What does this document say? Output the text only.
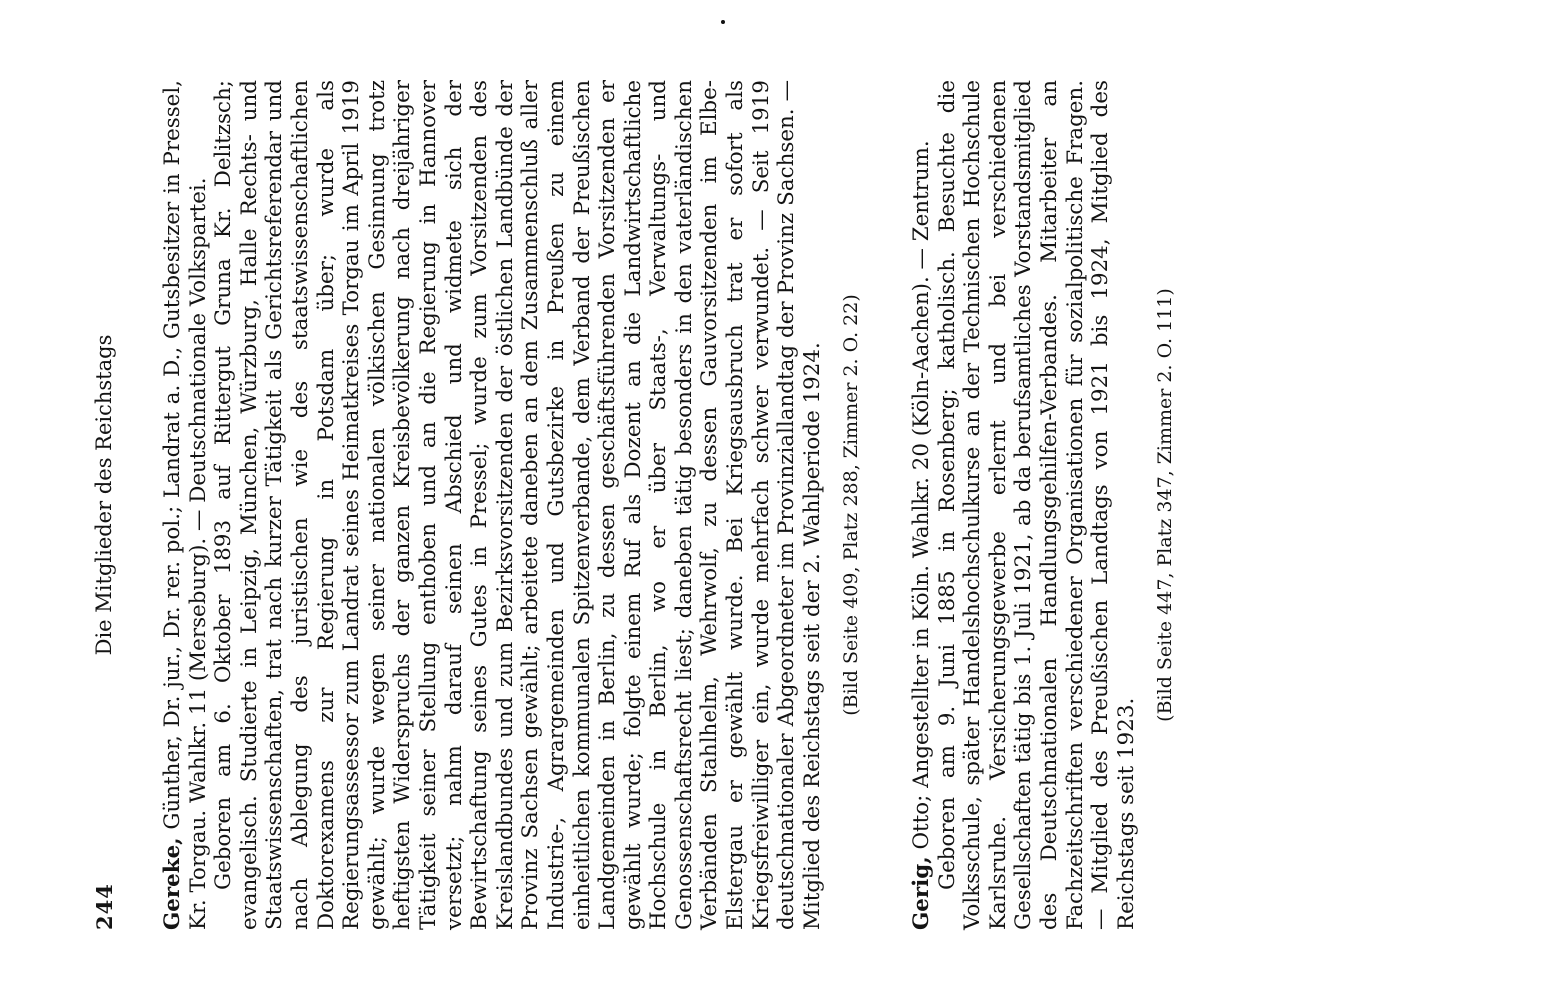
244
Die Mitglieder des Reichstags

Gereke, Günther, Dr. jur., Dr. rer. pol.; Landrat a. D., Gutsbesitzer in Pressel, Kr. Torgau. Wahlkr. 11 (Merseburg). — Deutschnationale Volkspartei. Geboren am 6. Oktober 1893 auf Rittergut Gruna Kr. Delitzsch; evangelisch. Studierte in Leipzig, München, Würzburg, Halle Rechts- und Staatswissenschaften, trat nach kurzer Tätigkeit als Gerichtsreferendar und nach Ablegung des juristischen wie des staatswissenschaftlichen Doktorexamens zur Regierung in Potsdam über; wurde als Regierungsassessor zum Landrat seines Heimatkreises Torgau im April 1919 gewählt; wurde wegen seiner nationalen völkischen Gesinnung trotz heftigsten Widerspruchs der ganzen Kreisbevölkerung nach dreijähriger Tätigkeit seiner Stellung enthoben und an die Regierung in Hannover versetzt; nahm darauf seinen Abschied und widmete sich der Bewirtschaftung seines Gutes in Pressel; wurde zum Vorsitzenden des Kreislandbundes und zum Bezirksvorsitzenden der östlichen Landbünde der Provinz Sachsen gewählt; arbeitete daneben an dem Zusammenschluß aller Industrie-, Agrargemeinden und Gutsbezirke in Preußen zu einem einheitlichen kommunalen Spitzenverbande, dem Verband der Preußischen Landgemeinden in Berlin, zu dessen geschäftsführenden Vorsitzenden er gewählt wurde; folgte einem Ruf als Dozent an die Landwirtschaftliche Hochschule in Berlin, wo er über Staats-, Verwaltungs- und Genossenschaftsrecht liest; daneben tätig besonders in den vaterländischen Verbänden Stahlhelm, Wehrwolf, zu dessen Gauvorsitzenden im Elbe-Elstergau er gewählt wurde. Bei Kriegsausbruch trat er sofort als Kriegsfreiwilliger ein, wurde mehrfach schwer verwundet. — Seit 1919 deutschnationaler Abgeordneter im Provinziallandtag der Provinz Sachsen. — Mitglied des Reichstags seit der 2. Wahlperiode 1924. (Bild Seite 409, Platz 288, Zimmer 2. O. 22)

Gerig, Otto; Angestellter in Köln. Wahlkr. 20 (Köln-Aachen). — Zentrum. Geboren am 9. Juni 1885 in Rosenberg; katholisch. Besuchte die Volksschule, später Handelshochschulkurse an der Technischen Hochschule Karlsruhe. Versicherungsgewerbe erlernt und bei verschiedenen Gesellschaften tätig bis 1. Juli 1921, ab da berufsamtliches Vorstandsmitglied des Deutschnationalen Handlungsgehilfen-Verbandes. Mitarbeiter an Fachzeitschriften verschiedener Organisationen für sozialpolitische Fragen. — Mitglied des Preußischen Landtags von 1921 bis 1924, Mitglied des Reichstags seit 1923.

(Bild Seite 447, Platz 347, Zimmer 2. O. 111)
